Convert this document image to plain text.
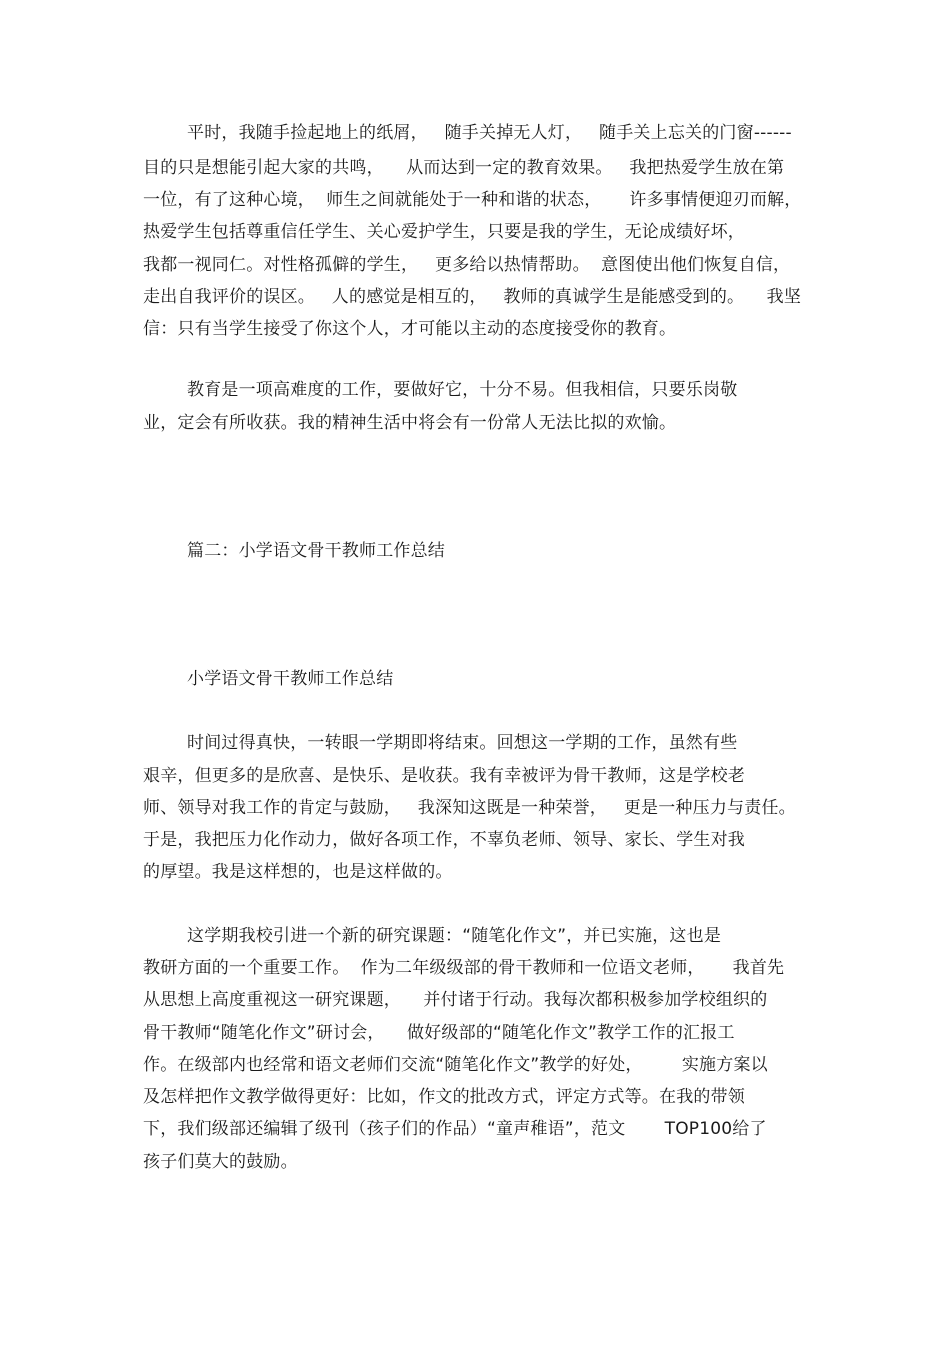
平时，我随手捡起地上的纸屑，   随手关掉无人灯，   随手关上忘关的门窗------
目的只是想能引起大家的共鸣，    从而达到一定的教育效果。   我把热爱学生放在第
一位，有了这种心境，  师生之间就能处于一种和谐的状态，     许多事情便迎刃而解，
热爱学生包括尊重信任学生、关心爱护学生，只要是我的学生，无论成绩好坏，
我都一视同仁。对性格孤僻的学生，   更多给以热情帮助。  意图使出他们恢复自信，
走出自我评价的误区。   人的感觉是相互的，   教师的真诚学生是能感受到的。    我坚
信：只有当学生接受了你这个人，才可能以主动的态度接受你的教育。
教育是一项高难度的工作，要做好它，十分不易。但我相信，只要乐岗敬
业，定会有所收获。我的精神生活中将会有一份常人无法比拟的欢愉。
篇二：小学语文骨干教师工作总结
小学语文骨干教师工作总结
时间过得真快，一转眼一学期即将结束。回想这一学期的工作，虽然有些
艰辛，但更多的是欣喜、是快乐、是收获。我有幸被评为骨干教师，这是学校老
师、领导对我工作的肯定与鼓励，   我深知这既是一种荣誉，   更是一种压力与责任。
于是，我把压力化作动力，做好各项工作，不辜负老师、领导、家长、学生对我
的厚望。我是这样想的，也是这样做的。
这学期我校引进一个新的研究课题：“随笔化作文”，并已实施，这也是
教研方面的一个重要工作。  作为二年级级部的骨干教师和一位语文老师，     我首先
从思想上高度重视这一研究课题，    并付诸于行动。我每次都积极参加学校组织的
骨干教师“随笔化作文”研讨会，    做好级部的“随笔化作文”教学工作的汇报工
作。在级部内也经常和语文老师们交流“随笔化作文”教学的好处，       实施方案以
及怎样把作文教学做得更好：比如，作文的批改方式，评定方式等。在我的带领
下，我们级部还编辑了级刊（孩子们的作品）“童声稚语”，范文       TOP100给了
孩子们莫大的鼓励。
